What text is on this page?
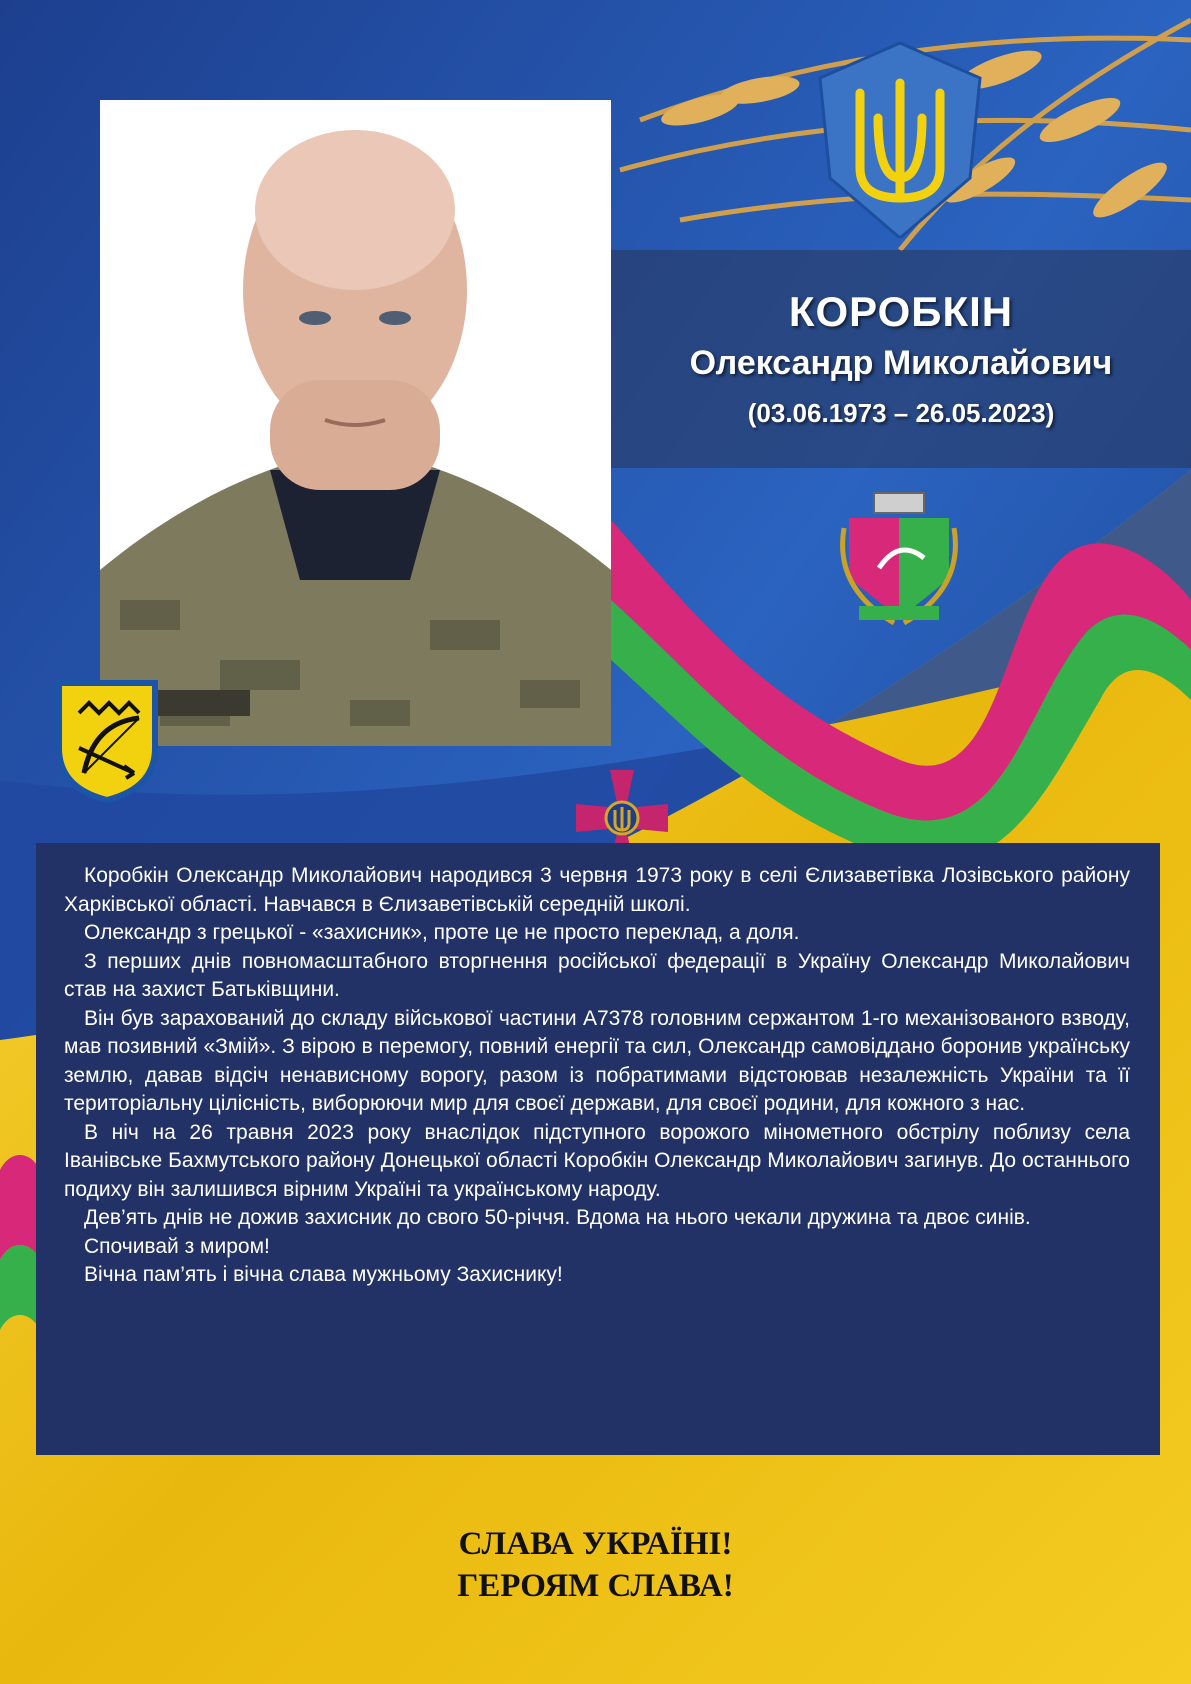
КОРОБКІН
Олександр Миколайович
(03.06.1973 – 26.05.2023)

Коробкін Олександр Миколайович народився 3 червня 1973 року в селі Єлизаветівка Лозівського району Харківської області. Навчався в Єлизаветівській середній школі.

Олександр з грецької - «захисник», проте це не просто переклад, а доля.

З перших днів повномасштабного вторгнення російської федерації в Україну Олександр Миколайович став на захист Батьківщини.

Він був зарахований до складу військової частини А7378 головним сержантом 1-го механізованого взводу, мав позивний «Змій». З вірою в перемогу, повний енергії та сил, Олександр самовіддано боронив українську землю, давав відсіч ненависному ворогу, разом із побратимами відстоював незалежність України та її територіальну цілісність, виборюючи мир для своєї держави, для своєї родини, для кожного з нас.

В ніч на 26 травня 2023 року внаслідок підступного ворожого мінометного обстрілу поблизу села Іванівське Бахмутського району Донецької області Коробкін Олександр Миколайович загинув. До останнього подиху він залишився вірним Україні та українському народу.

Дев’ять днів не дожив захисник до свого 50-річчя. Вдома на нього чекали дружина та двоє синів.

Спочивай з миром!

Вічна пам’ять і вічна слава мужньому Захиснику!

СЛАВА УКРАЇНІ!
ГЕРОЯМ СЛАВА!
